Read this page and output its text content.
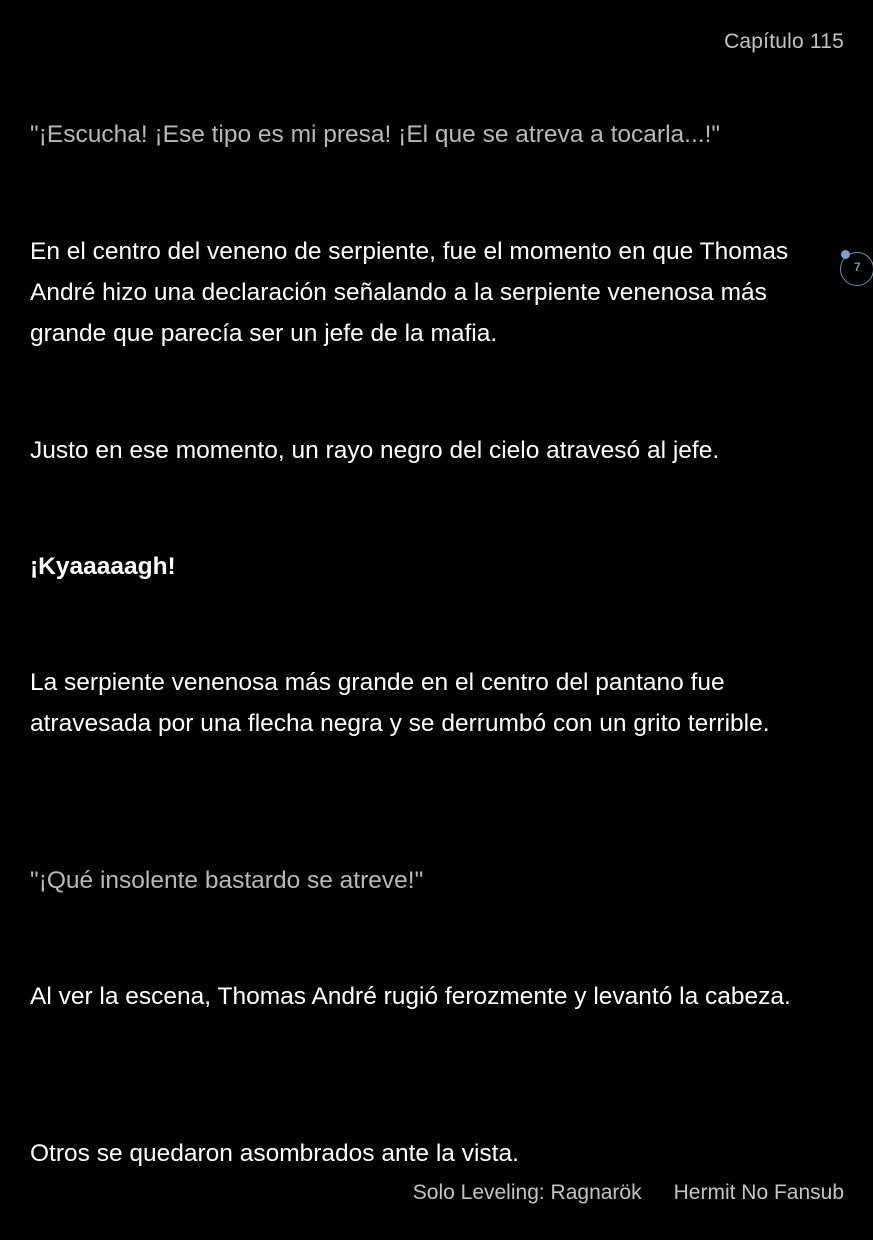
Capítulo 115

"¡Escucha! ¡Ese tipo es mi presa! ¡El que se atreva a tocarla...!"

En el centro del veneno de serpiente, fue el momento en que Thomas André hizo una declaración señalando a la serpiente venenosa más grande que parecía ser un jefe de la mafia.

Justo en ese momento, un rayo negro del cielo atravesó al jefe.

¡Kyaaaaagh!

La serpiente venenosa más grande en el centro del pantano fue atravesada por una flecha negra y se derrumbó con un grito terrible.

"¡Qué insolente bastardo se atreve!"

Al ver la escena, Thomas André rugió ferozmente y levantó la cabeza.

Otros se quedaron asombrados ante la vista.

7
Solo Leveling: Ragnarök Hermit No Fansub
